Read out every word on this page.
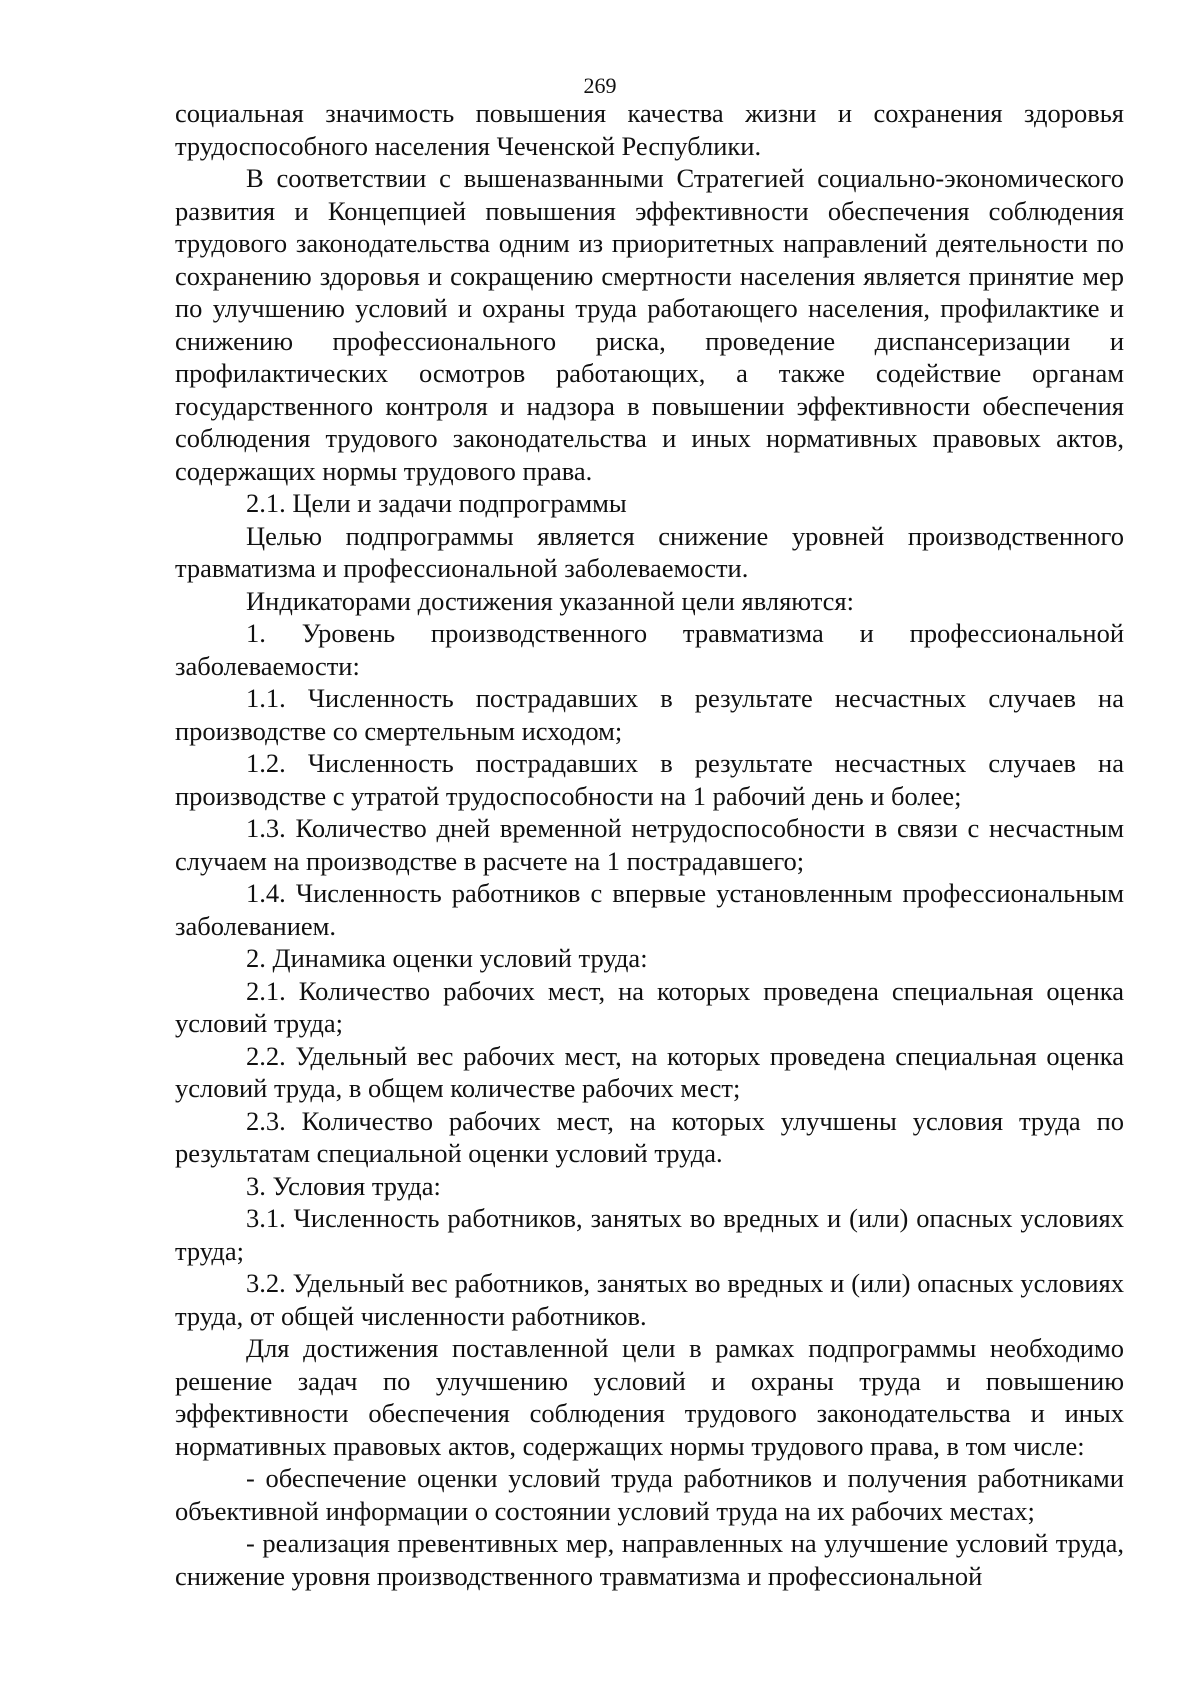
269

социальная значимость повышения качества жизни и сохранения здоровья трудоспособного населения Чеченской Республики.

В соответствии с вышеназванными Стратегией социально-экономического развития и Концепцией повышения эффективности обеспечения соблюдения трудового законодательства одним из приоритетных направлений деятельности по сохранению здоровья и сокращению смертности населения является принятие мер по улучшению условий и охраны труда работающего населения, профилактике и снижению профессионального риска, проведение диспансеризации и профилактических осмотров работающих, а также содействие органам государственного контроля и надзора в повышении эффективности обеспечения соблюдения трудового законодательства и иных нормативных правовых актов, содержащих нормы трудового права.

2.1. Цели и задачи подпрограммы

Целью подпрограммы является снижение уровней производственного травматизма и профессиональной заболеваемости.

Индикаторами достижения указанной цели являются:

1. Уровень производственного травматизма и профессиональной заболеваемости:

1.1. Численность пострадавших в результате несчастных случаев на производстве со смертельным исходом;

1.2. Численность пострадавших в результате несчастных случаев на производстве с утратой трудоспособности на 1 рабочий день и более;

1.3. Количество дней временной нетрудоспособности в связи с несчастным случаем на производстве в расчете на 1 пострадавшего;

1.4. Численность работников с впервые установленным профессиональным заболеванием.

2. Динамика оценки условий труда:

2.1. Количество рабочих мест, на которых проведена специальная оценка условий труда;

2.2. Удельный вес рабочих мест, на которых проведена специальная оценка условий труда, в общем количестве рабочих мест;

2.3. Количество рабочих мест, на которых улучшены условия труда по результатам специальной оценки условий труда.

3. Условия труда:

3.1. Численность работников, занятых во вредных и (или) опасных условиях труда;

3.2. Удельный вес работников, занятых во вредных и (или) опасных условиях труда, от общей численности работников.

Для достижения поставленной цели в рамках подпрограммы необходимо решение задач по улучшению условий и охраны труда и повышению эффективности обеспечения соблюдения трудового законодательства и иных нормативных правовых актов, содержащих нормы трудового права, в том числе:

- обеспечение оценки условий труда работников и получения работниками объективной информации о состоянии условий труда на их рабочих местах;

- реализация превентивных мер, направленных на улучшение условий труда, снижение уровня производственного травматизма и профессиональной
